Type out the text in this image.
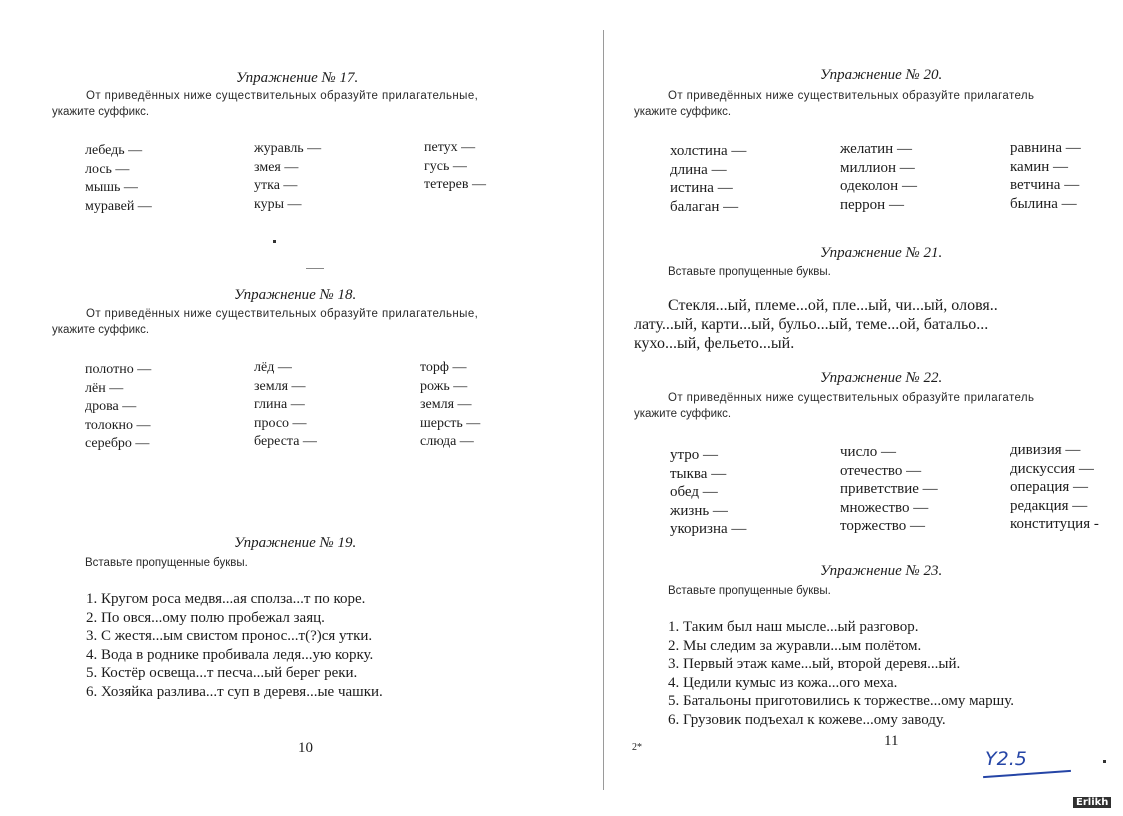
Упражнение № 17.
От приведённых ниже существительных образуйте прилагательные,
укажите суффикс.
лебедь —
лось —
мышь —
муравей —
журавль —
змея —
утка —
куры —
петух —
гусь —
тетерев —
Упражнение № 18.
От приведённых ниже существительных образуйте прилагательные,
укажите суффикс.
полотно —
лён —
дрова —
толокно —
серебро —
лёд —
земля —
глина —
просо —
береста —
торф —
рожь —
земля —
шерсть —
слюда —
Упражнение № 19.
Вставьте пропущенные буквы.
1. Кругом роса медвя...ая сполза...т по коре.
2. По овся...ому полю пробежал заяц.
3. С жестя...ым свистом пронос...т(?)ся утки.
4. Вода в роднике пробивала ледя...ую корку.
5. Костёр освеща...т песча...ый берег реки.
6. Хозяйка разлива...т суп в деревя...ые чашки.
10
Упражнение № 20.
От приведённых ниже существительных образуйте прилагатель
укажите суффикс.
холстина —
длина —
истина —
балаган —
желатин —
миллион —
одеколон —
перрон —
равнина —
камин —
ветчина —
былина —
Упражнение № 21.
Вставьте пропущенные буквы.
Стекля...ый, племе...ой, пле...ый, чи...ый, оловя..
лату...ый, карти...ый, бульо...ый, теме...ой, батальо...
кухо...ый, фельето...ый.
Упражнение № 22.
От приведённых ниже существительных образуйте прилагатель
укажите суффикс.
утро —
тыква —
обед —
жизнь —
укоризна —
число —
отечество —
приветствие —
множество —
торжество —
дивизия —
дискуссия —
операция —
редакция —
конституция -
Упражнение № 23.
Вставьте пропущенные буквы.
1. Таким был наш мысле...ый разговор.
2. Мы следим за журавли...ым полётом.
3. Первый этаж каме...ый, второй деревя...ый.
4. Цедили кумыс из кожа...ого меха.
5. Батальоны приготовились к торжестве...ому маршу.
6. Грузовик подъехал к кожеве...ому заводу.
2*	11
Y2.5
Erlikh
